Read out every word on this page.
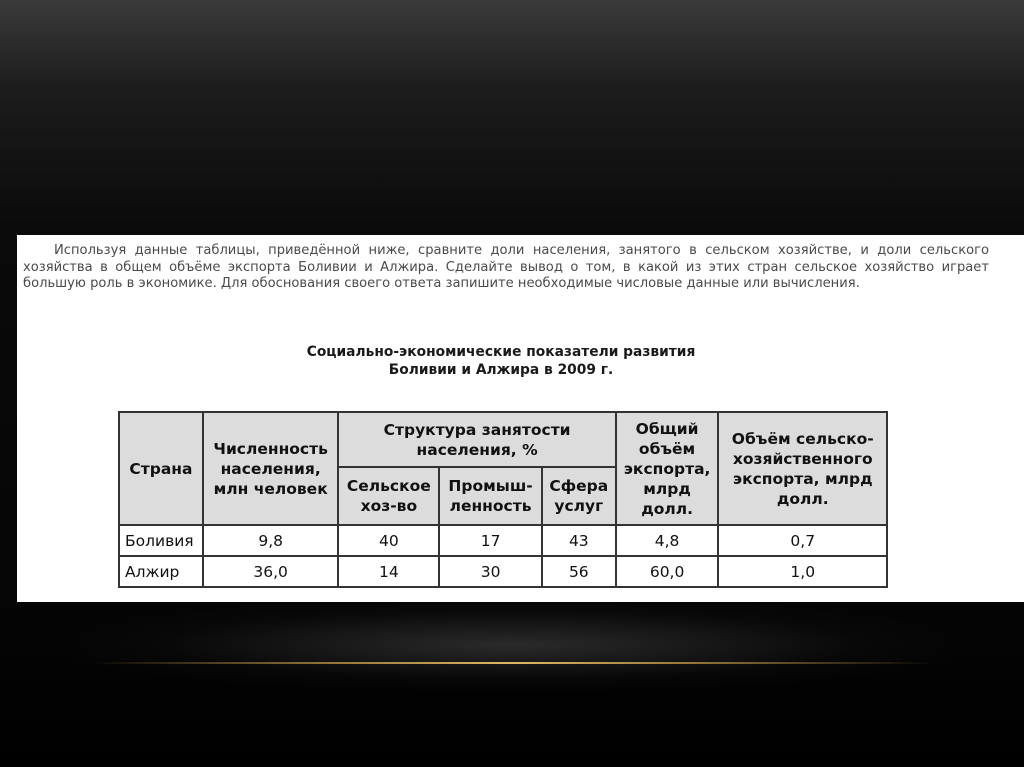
Используя данные таблицы, приведённой ниже, сравните доли населения, занятого в сельском хозяйстве, и доли сельского хозяйства в общем объёме экспорта Боливии и Алжира. Сделайте вывод о том, в какой из этих стран сельское хозяйство играет большую роль в экономике. Для обоснования своего ответа запишите необходимые числовые данные или вычисления.

Социально-экономические показатели развития
Боливии и Алжира в 2009 г.
Страна	Численность населения, млн человек	Структура занятости населения, %			Общий объём экспорта, млрд долл.	Объём сельско-хозяйственного экспорта, млрд долл.
		Сельское хоз-во	Промыш-ленность	Сфера услуг		
Боливия	9,8	40	17	43	4,8	0,7
Алжир	36,0	14	30	56	60,0	1,0
